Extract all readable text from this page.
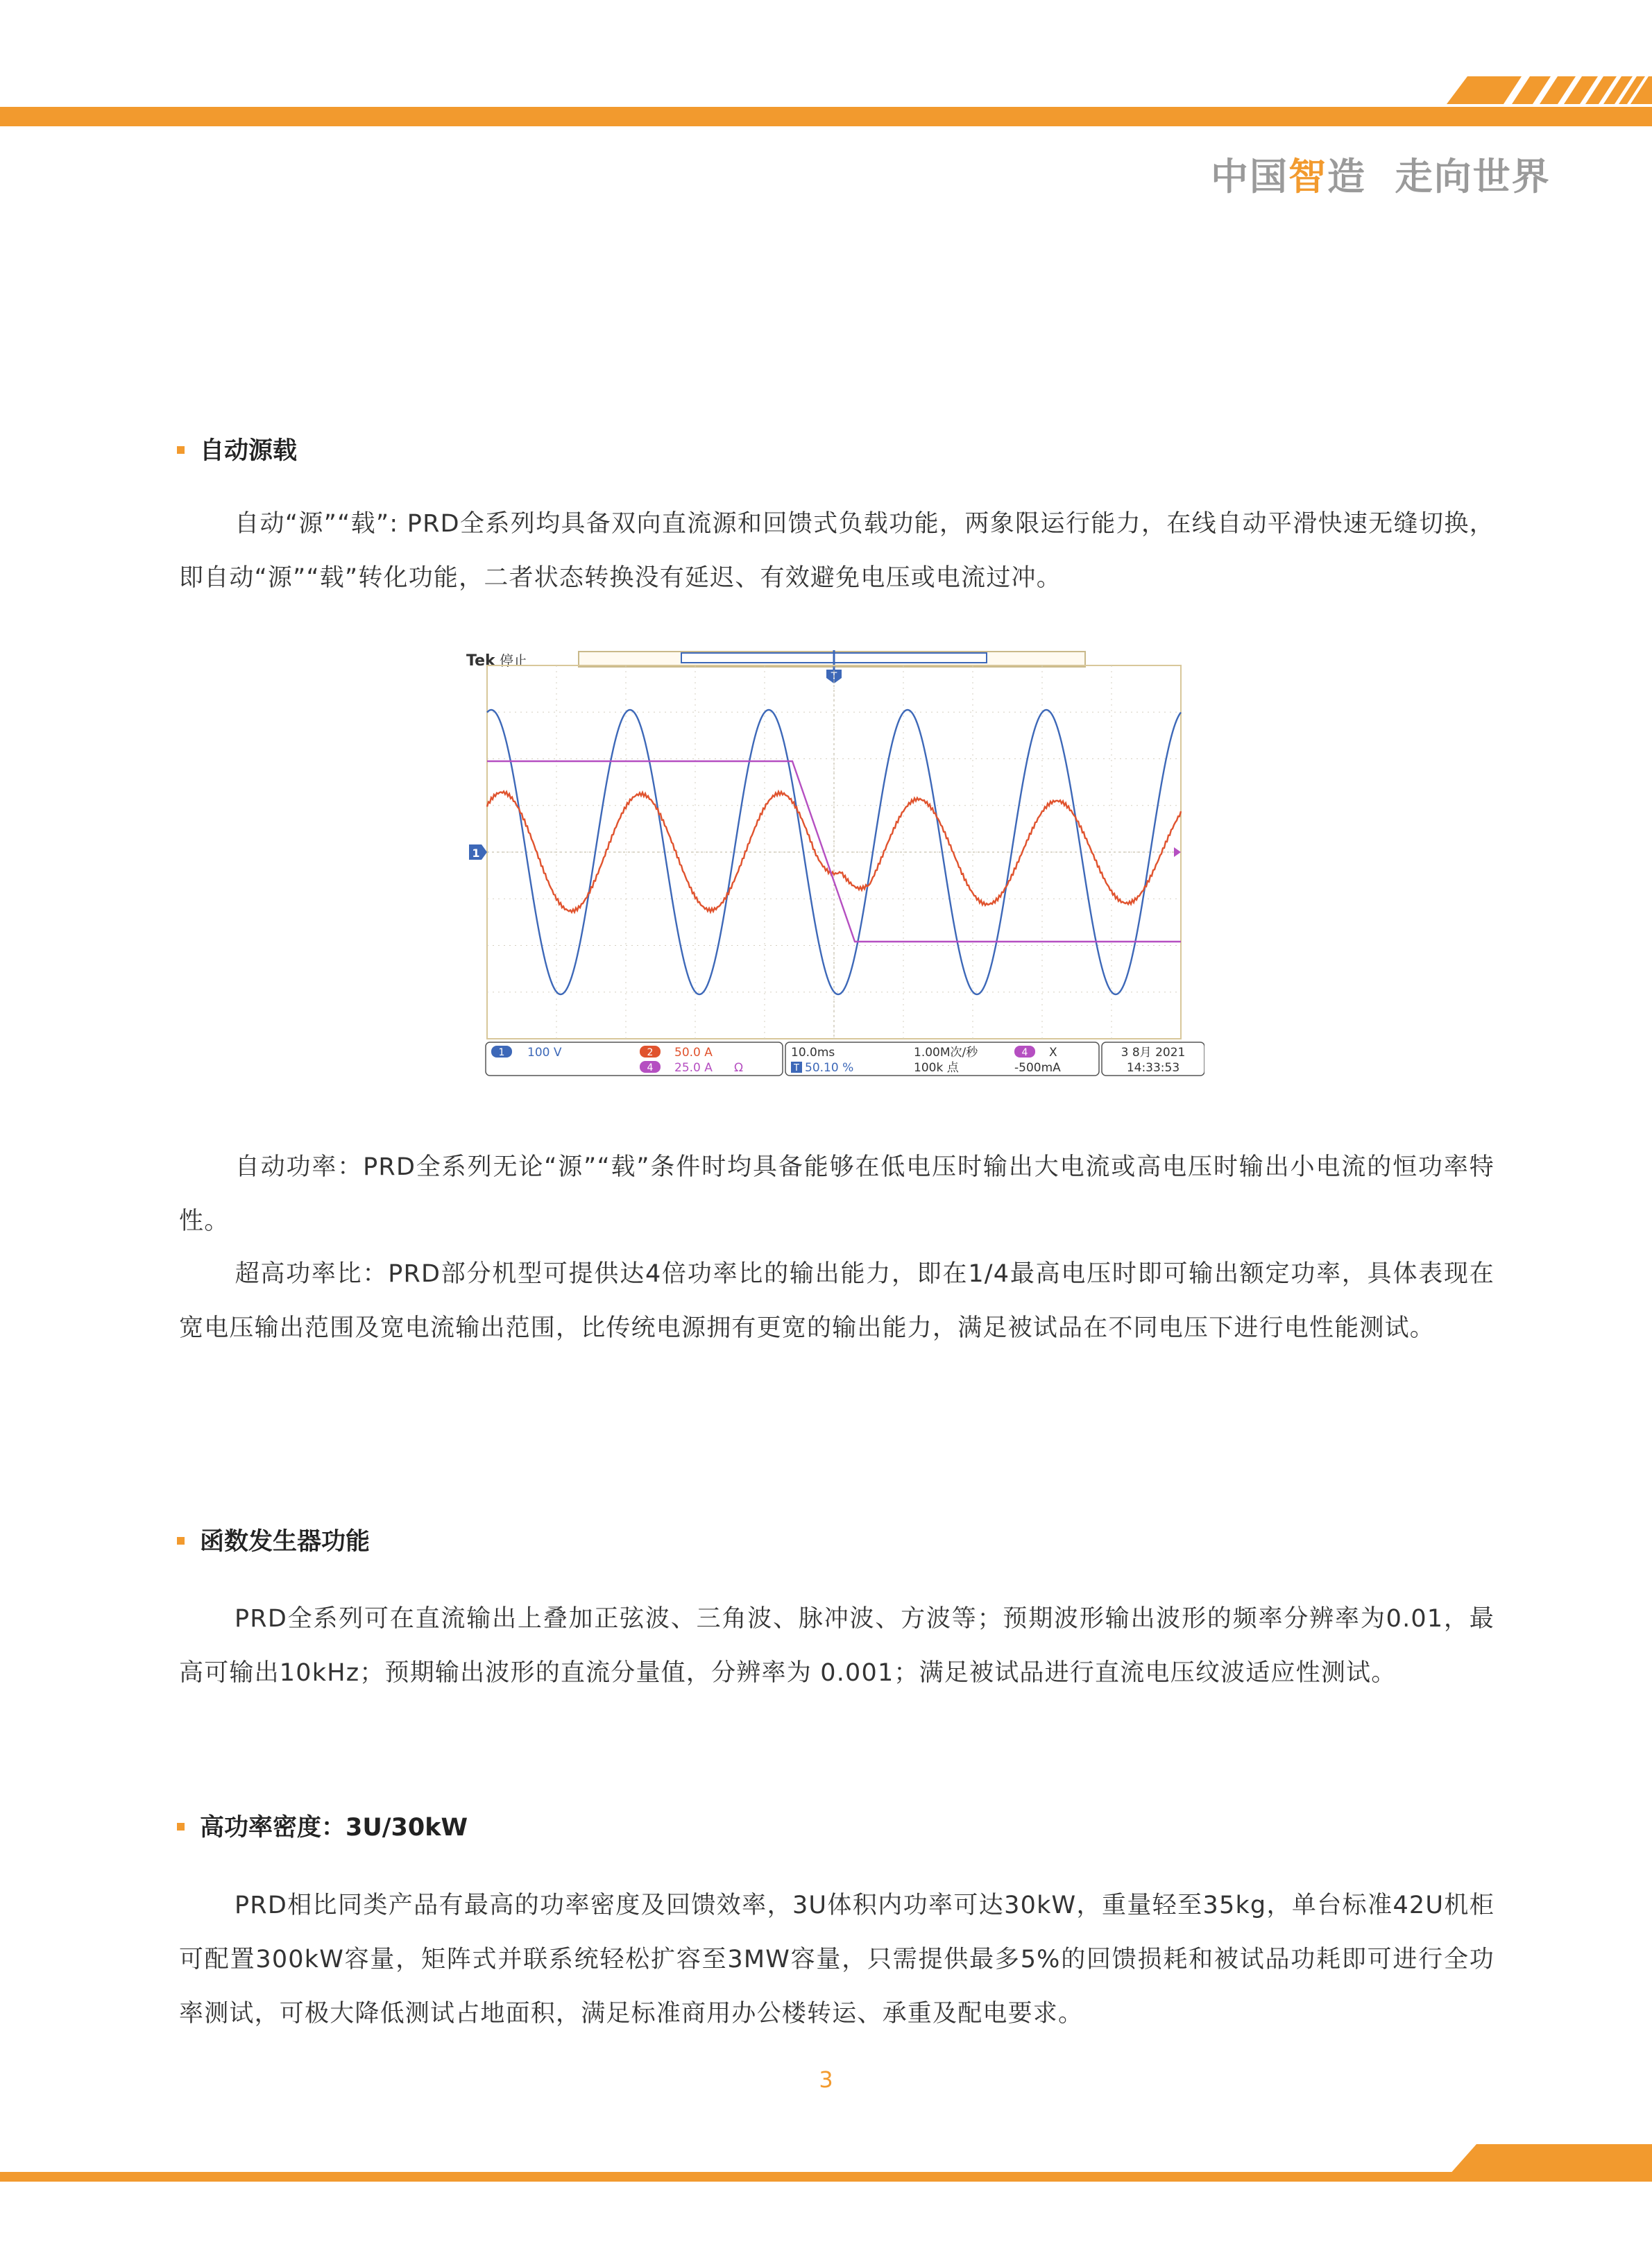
中国智造  走向世界
自动源载
自动“源”“载”: PRD全系列均具备双向直流源和回馈式负载功能，两象限运行能力，在线自动平滑快速无缝切换，即自动“源”“载”转化功能，二者状态转换没有延迟、有效避免电压或电流过冲。
Tek 停止
T
1
1 100 V	2 50.0 A
4 25.0 A Ω
10.0ms
T 50.10 %
1.00M次/秒
100k 点
4 X
-500mA
3 8月 2021
14:33:53
自动功率：PRD全系列无论“源”“载”条件时均具备能够在低电压时输出大电流或高电压时输出小电流的恒功率特性。
超高功率比：PRD部分机型可提供达4倍功率比的输出能力，即在1/4最高电压时即可输出额定功率，具体表现在宽电压输出范围及宽电流输出范围，比传统电源拥有更宽的输出能力，满足被试品在不同电压下进行电性能测试。
函数发生器功能
PRD全系列可在直流输出上叠加正弦波、三角波、脉冲波、方波等；预期波形输出波形的频率分辨率为0.01，最高可输出10kHz；预期输出波形的直流分量值，分辨率为 0.001；满足被试品进行直流电压纹波适应性测试。
高功率密度：3U/30kW
PRD相比同类产品有最高的功率密度及回馈效率，3U体积内功率可达30kW，重量轻至35kg，单台标准42U机柜可配置300kW容量，矩阵式并联系统轻松扩容至3MW容量，只需提供最多5%的回馈损耗和被试品功耗即可进行全功率测试，可极大降低测试占地面积，满足标准商用办公楼转运、承重及配电要求。
3
